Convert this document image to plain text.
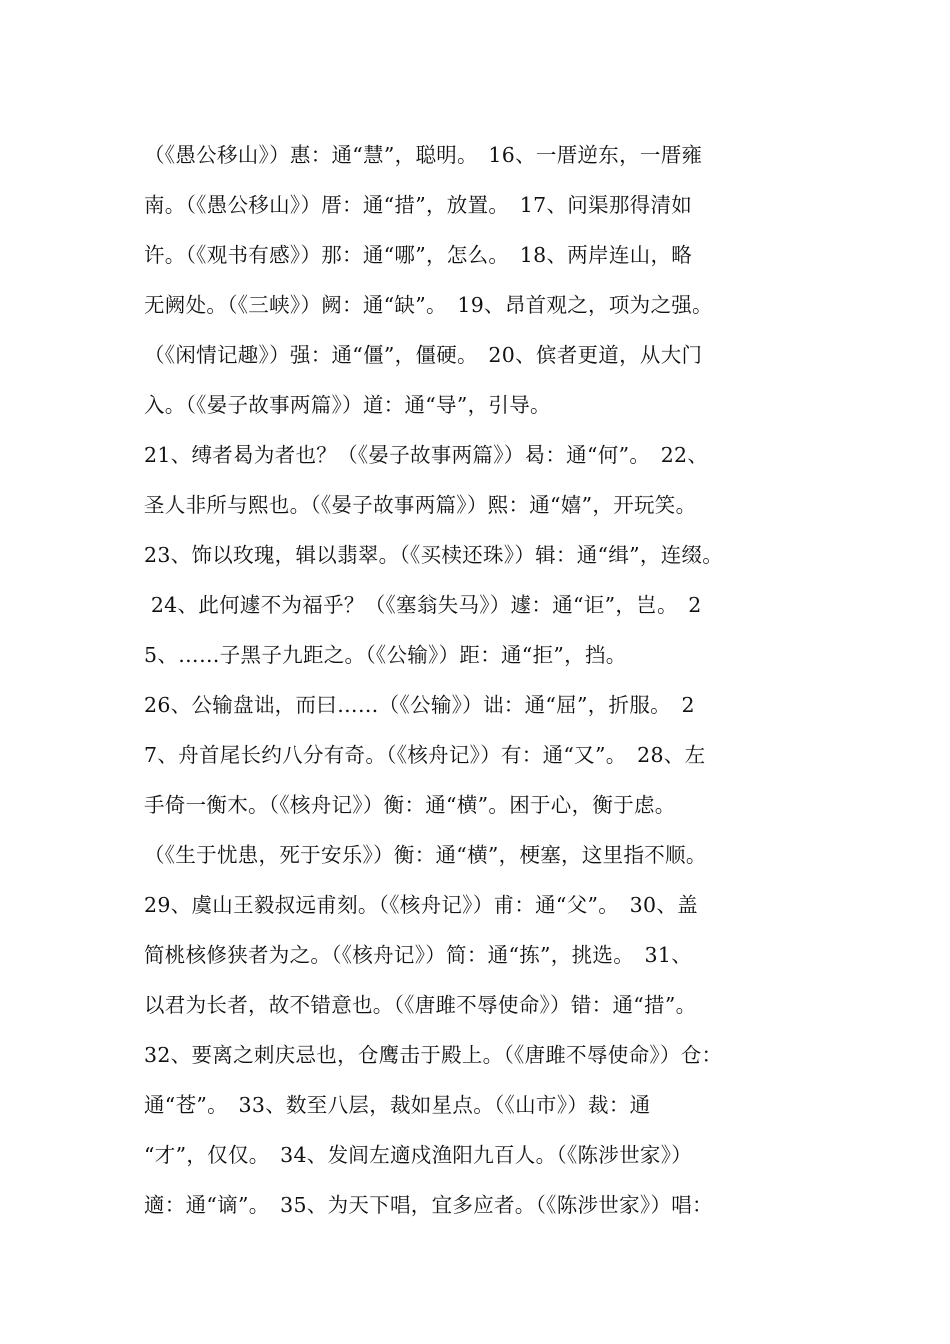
（《愚公移山》）惠：通“慧”，聪明。　16、一厝逆东，一厝雍
南。（《愚公移山》）厝：通“措”，放置。　17、问渠那得清如
许。（《观书有感》）那：通“哪”，怎么。　18、两岸连山，略
无阙处。（《三峡》）阙：通“缺”。　19、昂首观之，项为之强。
（《闲情记趣》）强：通“僵”，僵硬。　20、傧者更道，从大门
入。（《晏子故事两篇》）道：通“导”，引导。
21、缚者曷为者也？（《晏子故事两篇》）曷：通“何”。　22、
圣人非所与熙也。（《晏子故事两篇》）熙：通“嬉”，开玩笑。
23、饰以玫瑰，辑以翡翠。（《买椟还珠》）辑：通“缉”，连缀。
24、此何遽不为福乎？（《塞翁失马》）遽：通“讵”，岂。　2
5、……子黑子九距之。（《公输》）距：通“拒”，挡。
26、公输盘诎，而曰……（《公输》）诎：通“屈”，折服。　2
7、舟首尾长约八分有奇。（《核舟记》）有：通“又”。　28、左
手倚一衡木。（《核舟记》）衡：通“横”。困于心，衡于虑。
（《生于忧患，死于安乐》）衡：通“横”，梗塞，这里指不顺。
29、虞山王毅叔远甫刻。（《核舟记》）甫：通“父”。　30、盖
简桃核修狭者为之。（《核舟记》）简：通“拣”，挑选。　31、
以君为长者，故不错意也。（《唐雎不辱使命》）错：通“措”。
32、要离之刺庆忌也，仓鹰击于殿上。（《唐雎不辱使命》）仓：
通“苍”。　33、数至八层，裁如星点。（《山市》）裁：通
“才”，仅仅。　34、发闾左適戍渔阳九百人。（《陈涉世家》）
適：通“谪”。　35、为天下唱，宜多应者。（《陈涉世家》）唱：
